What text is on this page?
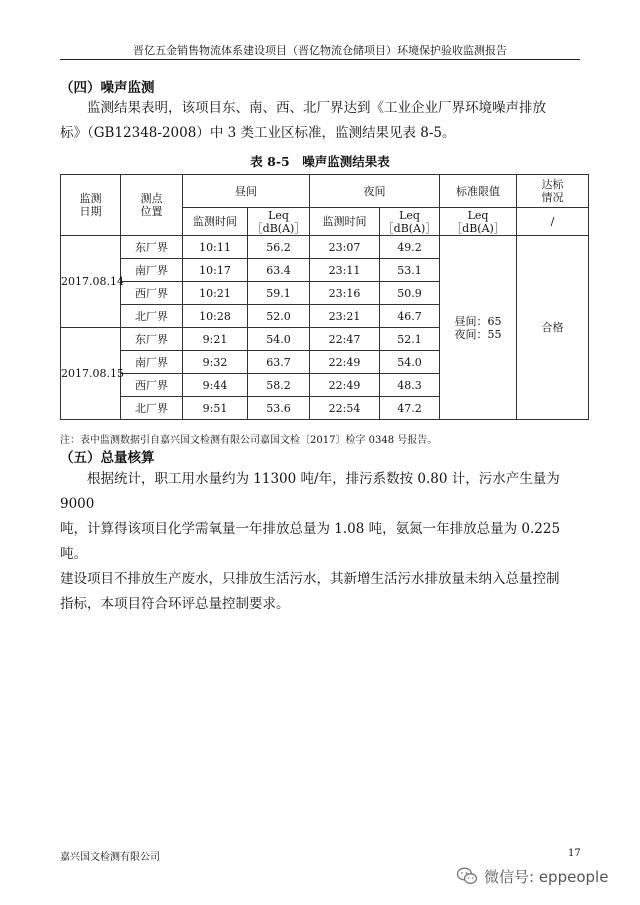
晋亿五金销售物流体系建设项目（晋亿物流仓储项目）环境保护验收监测报告
（四）噪声监测

监测结果表明，该项目东、南、西、北厂界达到《工业企业厂界环境噪声排放

标》（GB12348-2008）中 3 类工业区标准，监测结果见表 8-5。

表 8-5　噪声监测结果表
监测
日期	测点
位置	昼间		夜间		标准限值	达标
情况
		监测时间	Leq
［dB(A)］	监测时间	Leq
［dB(A)］	Leq
［dB(A)］	/
2017.08.14	东厂界	10:11	56.2	23:07	49.2	昼间：65
夜间：55	合格
	南厂界	10:17	63.4	23:11	53.1		
	西厂界	10:21	59.1	23:16	50.9		
	北厂界	10:28	52.0	23:21	46.7		
2017.08.15	东厂界	9:21	54.0	22:47	52.1		
	南厂界	9:32	63.7	22:49	54.0		
	西厂界	9:44	58.2	22:49	48.3		
	北厂界	9:51	53.6	22:54	47.2		
注：表中监测数据引自嘉兴国文检测有限公司嘉国文检〔2017〕检字 0348 号报告。
（五）总量核算

根据统计，职工用水量约为 11300 吨/年，排污系数按 0.80 计，污水产生量为 9000

吨，计算得该项目化学需氧量一年排放总量为 1.08 吨，氨氮一年排放总量为 0.225 吨。

建设项目不排放生产废水，只排放生活污水，其新增生活污水排放量未纳入总量控制

指标，本项目符合环评总量控制要求。

嘉兴国文检测有限公司	17
微信号: eppeople
